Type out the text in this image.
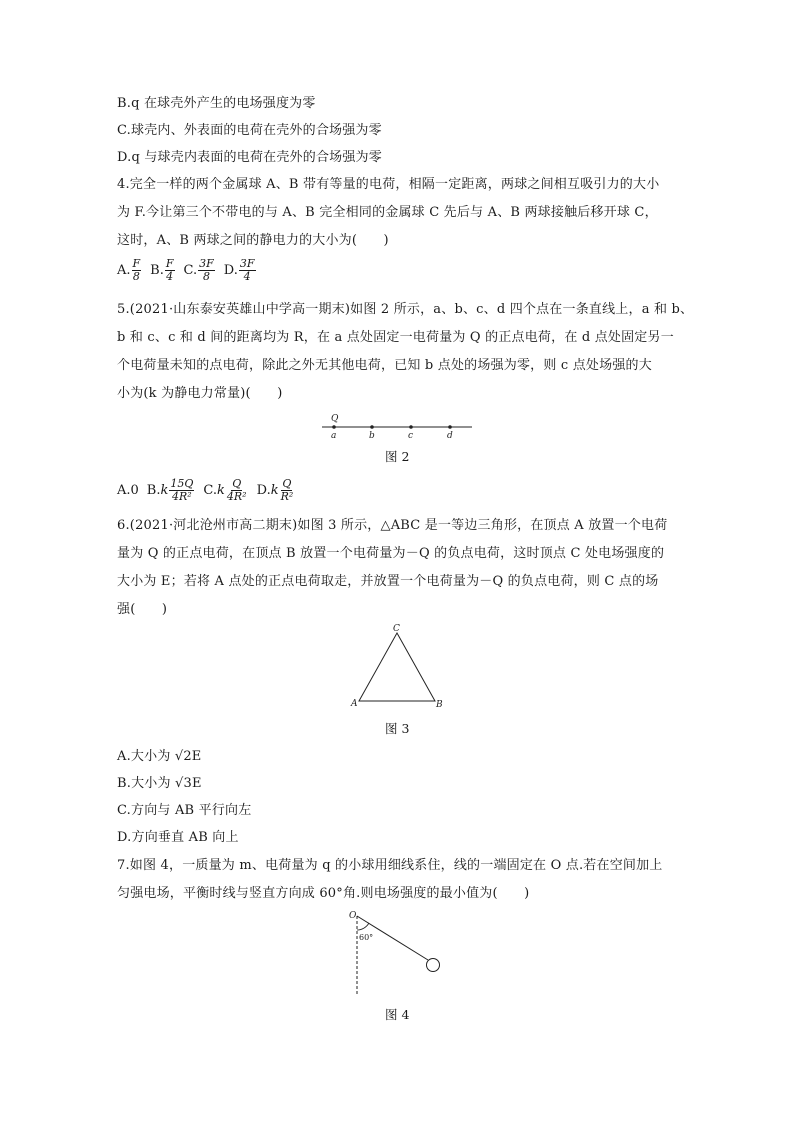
B.q 在球壳外产生的电场强度为零
C.球壳内、外表面的电荷在壳外的合场强为零
D.q 与球壳内表面的电荷在壳外的合场强为零
4.完全一样的两个金属球 A、B 带有等量的电荷，相隔一定距离，两球之间相互吸引力的大小
为 F.今让第三个不带电的与 A、B 完全相同的金属球 C 先后与 A、B 两球接触后移开球 C，
这时，A、B 两球之间的静电力的大小为(　　)
A. $\frac{F}{8} B$. $\frac{F}{4} C$. $\frac{3F}{8} D$. $\frac{3F}{4}$
5.(2021·山东泰安英雄山中学高一期末)如图 2 所示，a、b、c、d 四个点在一条直线上，a 和 b、
b 和 c、c 和 d 间的距离均为 R，在 a 点处固定一电荷量为 Q 的正点电荷，在 d 点处固定另一
个电荷量未知的点电荷，除此之外无其他电荷，已知 b 点处的场强为零，则 c 点处场强的大
小为(k 为静电力常量)(　　)
Q
a	b	c	d
图 2
A.0 B. k $\frac{15Q}{\text{4R²}} C$. k $\frac{Q}{\text{4R²}} D$. k $\frac{Q}{\text{R²}}$
6.(2021·河北沧州市高二期末)如图 3 所示，△ABC 是一等边三角形，在顶点 A 放置一个电荷
量为 Q 的正点电荷，在顶点 B 放置一个电荷量为－Q 的负点电荷，这时顶点 C 处电场强度的
大小为 E；若将 A 点处的正点电荷取走，并放置一个电荷量为－Q 的负点电荷，则 C 点的场
强(　　)
C
A	B
图 3
A.大小为 √2E
B.大小为 √3E
C.方向与 AB 平行向左
D.方向垂直 AB 向上
7.如图 4，一质量为 m、电荷量为 q 的小球用细线系住，线的一端固定在 O 点.若在空间加上
匀强电场，平衡时线与竖直方向成 60°角.则电场强度的最小值为(　　)
O
60°
图 4
